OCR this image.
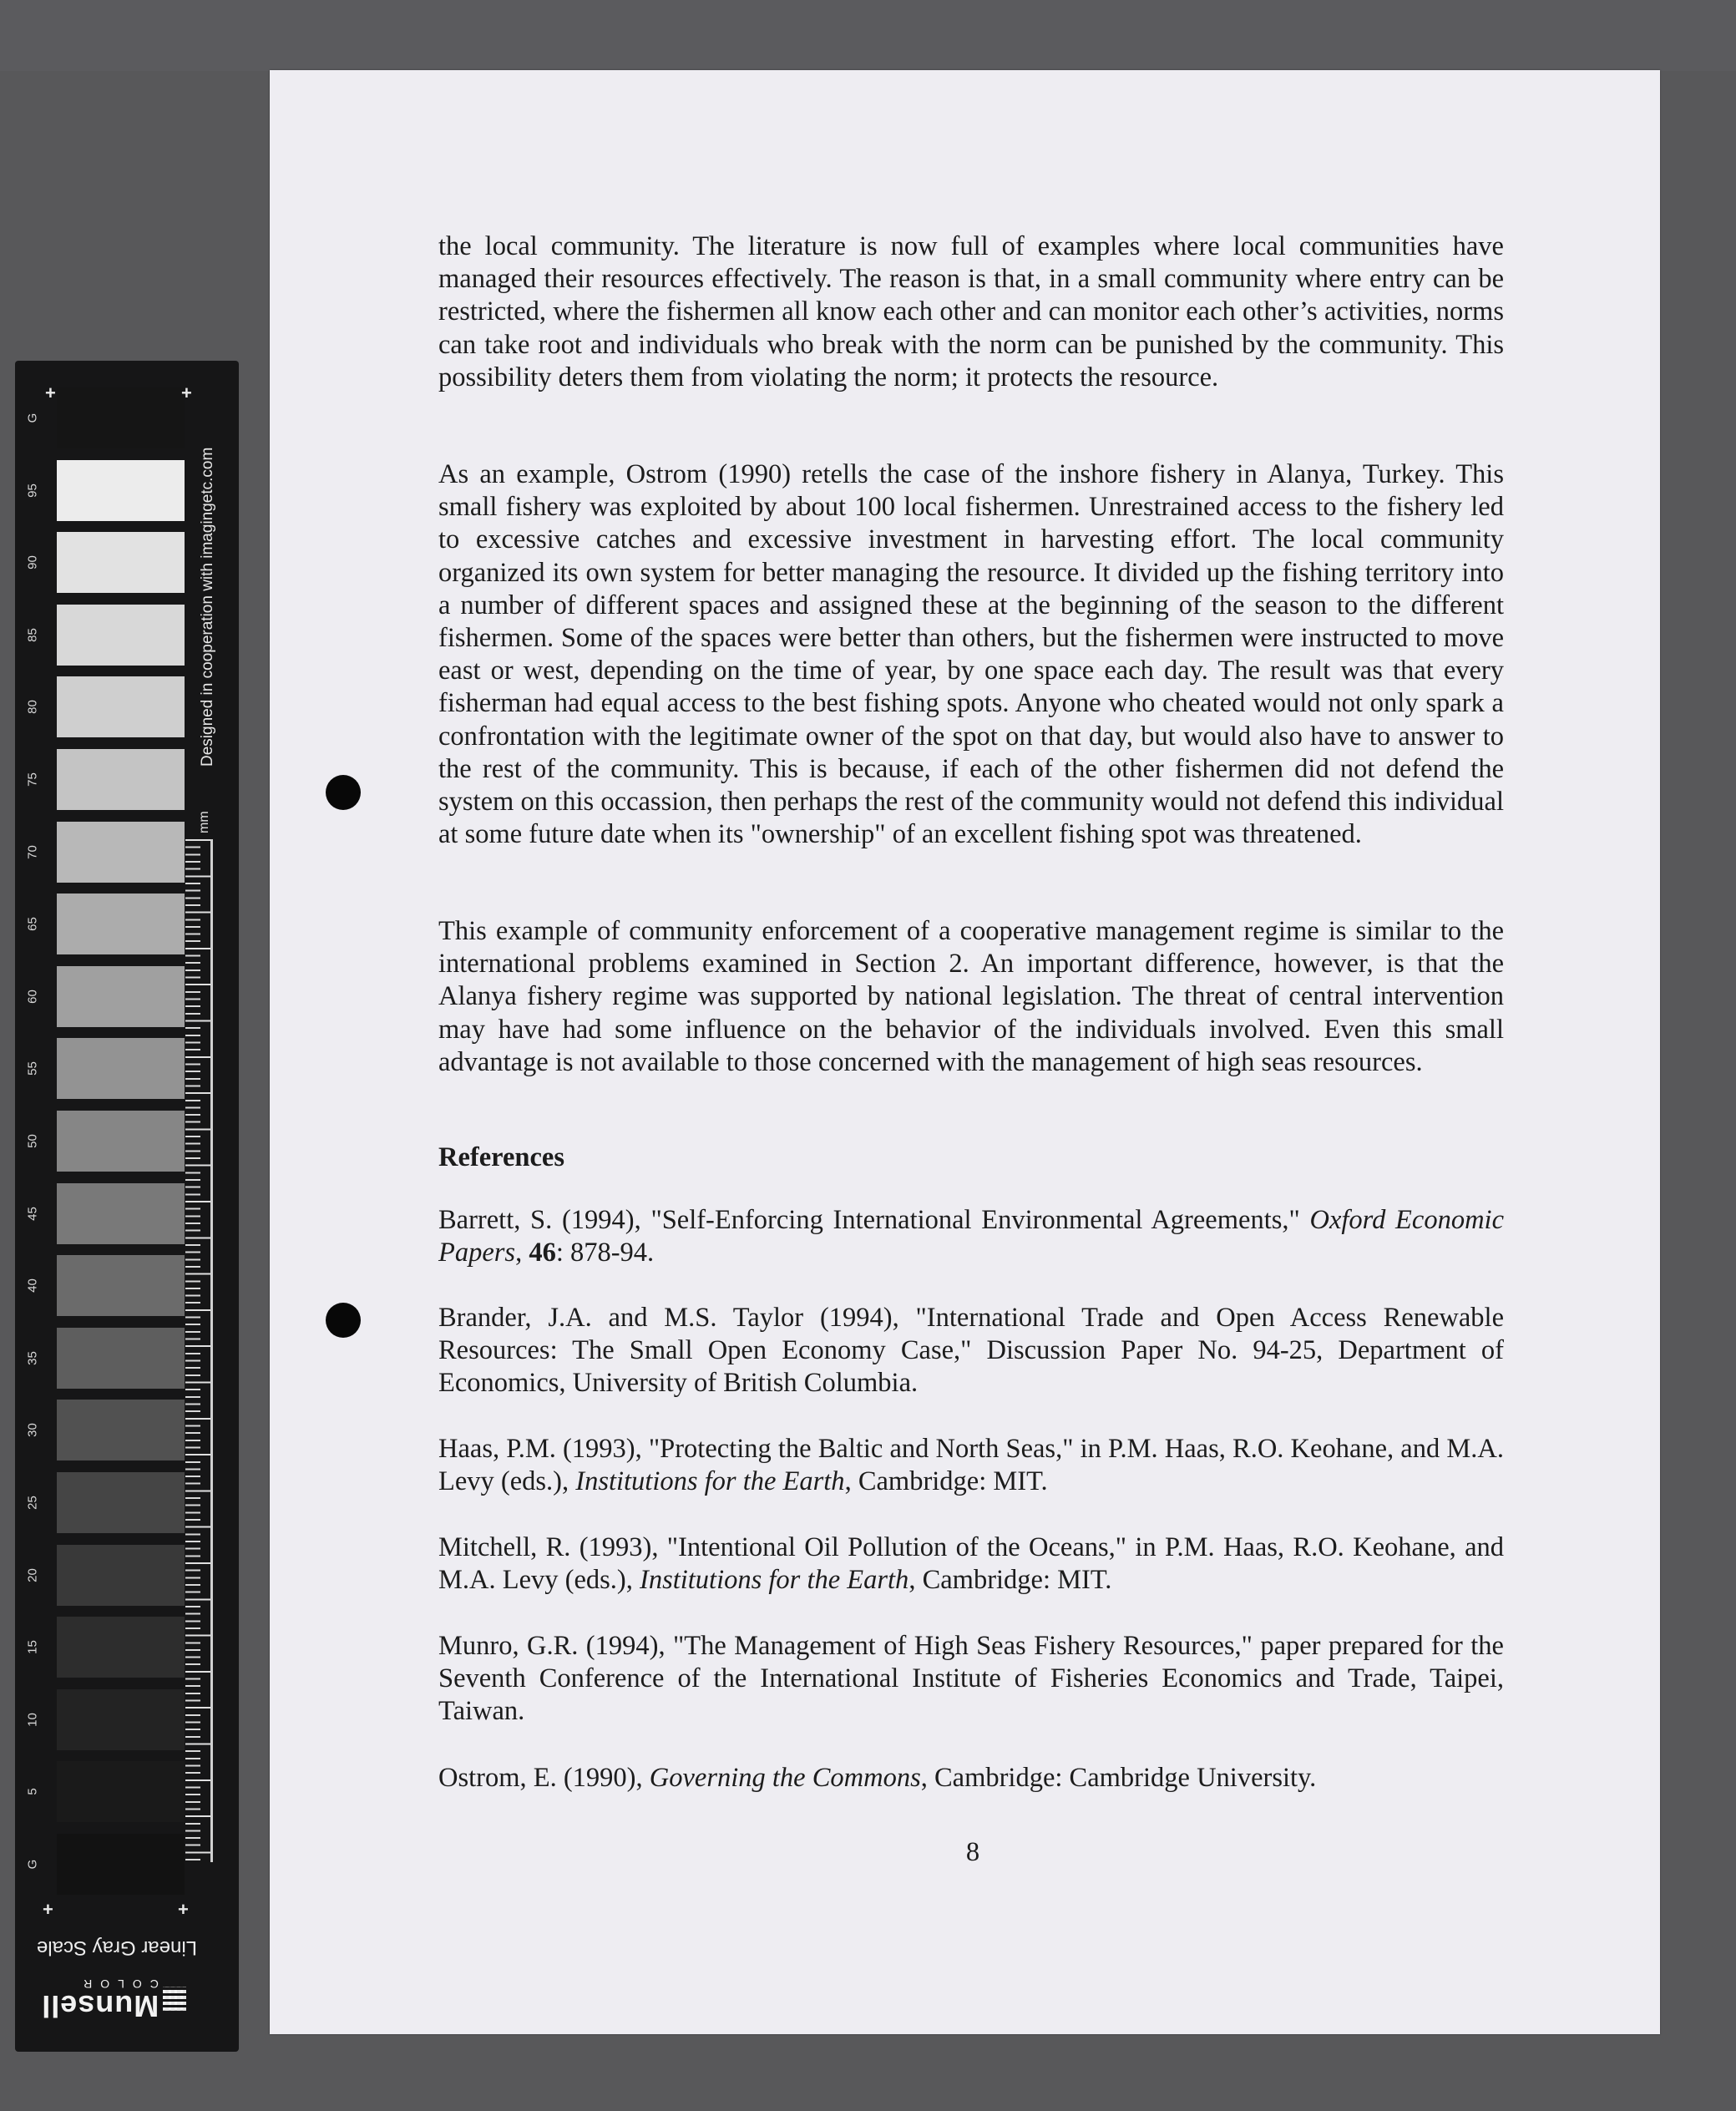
G
95
90
85
80
75
70
65
60
55
50
45
40
35
30
25
20
15
10
5
G
+	+
+	+
Designed in cooperation with imagingetc.com
mm
Linear Gray Scale
Munsell
COLOR

the local community. The literature is now full of examples where local communities have managed their resources effectively. The reason is that, in a small community where entry can be restricted, where the fishermen all know each other and can monitor each other’s activities, norms can take root and individuals who break with the norm can be punished by the community. This possibility deters them from violating the norm; it protects the resource.

As an example, Ostrom (1990) retells the case of the inshore fishery in Alanya, Turkey. This small fishery was exploited by about 100 local fishermen. Unrestrained access to the fishery led to excessive catches and excessive investment in harvesting effort. The local community organized its own system for better managing the resource. It divided up the fishing territory into a number of different spaces and assigned these at the beginning of the season to the different fishermen. Some of the spaces were better than others, but the fishermen were instructed to move east or west, depending on the time of year, by one space each day. The result was that every fisherman had equal access to the best fishing spots. Anyone who cheated would not only spark a confrontation with the legitimate owner of the spot on that day, but would also have to answer to the rest of the community. This is because, if each of the other fishermen did not defend the system on this occassion, then perhaps the rest of the community would not defend this individual at some future date when its "ownership" of an excellent fishing spot was threatened.

This example of community enforcement of a cooperative management regime is similar to the international problems examined in Section 2. An important difference, however, is that the Alanya fishery regime was supported by national legislation. The threat of central intervention may have had some influence on the behavior of the individuals involved. Even this small advantage is not available to those concerned with the management of high seas resources.

References
Barrett, S. (1994), "Self-Enforcing International Environmental Agreements," Oxford Economic Papers, 46: 878-94.
Brander, J.A. and M.S. Taylor (1994), "International Trade and Open Access Renewable Resources: The Small Open Economy Case," Discussion Paper No. 94-25, Department of Economics, University of British Columbia.
Haas, P.M. (1993), "Protecting the Baltic and North Seas," in P.M. Haas, R.O. Keohane, and M.A. Levy (eds.), Institutions for the Earth, Cambridge: MIT.
Mitchell, R. (1993), "Intentional Oil Pollution of the Oceans," in P.M. Haas, R.O. Keohane, and M.A. Levy (eds.), Institutions for the Earth, Cambridge: MIT.
Munro, G.R. (1994), "The Management of High Seas Fishery Resources," paper prepared for the Seventh Conference of the International Institute of Fisheries Economics and Trade, Taipei, Taiwan.
Ostrom, E. (1990), Governing the Commons, Cambridge: Cambridge University.
8
